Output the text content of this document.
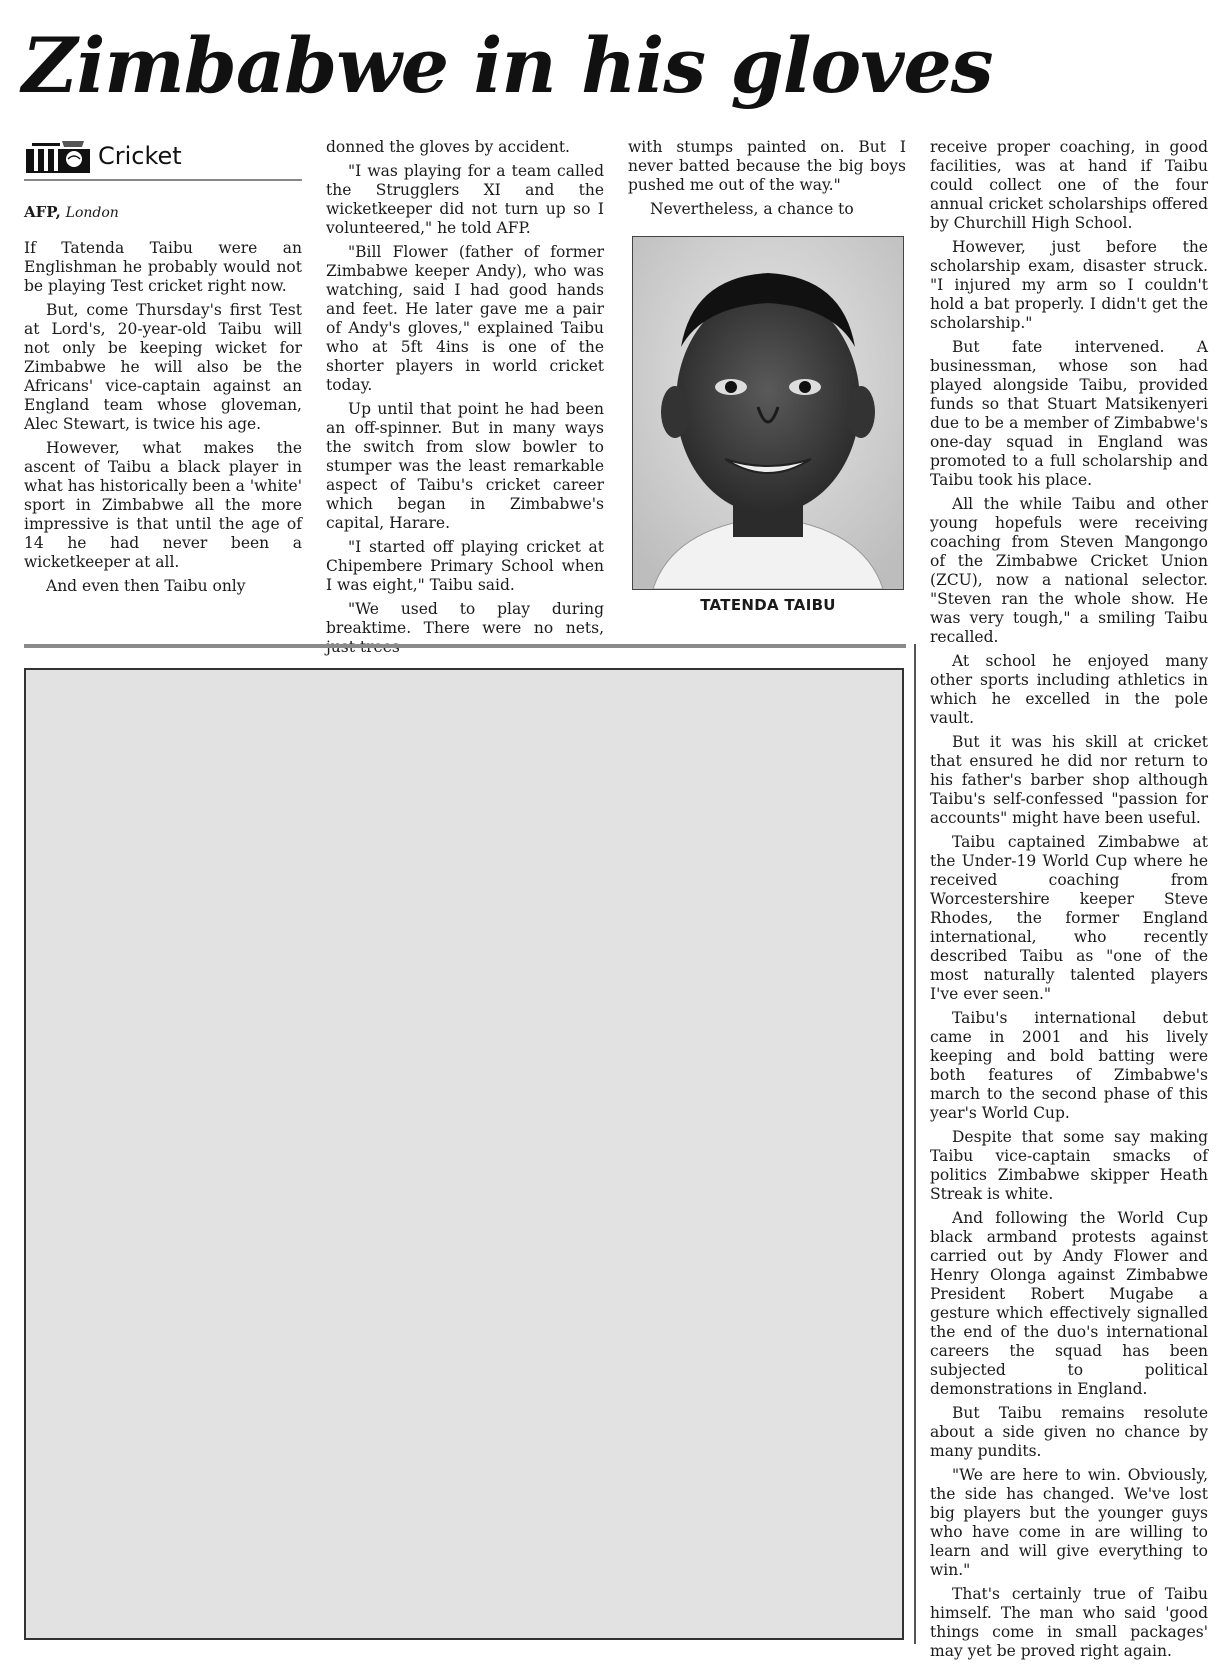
Zimbabwe in his gloves
Cricket
AFP, London

If Tatenda Taibu were an Englishman he probably would not be playing Test cricket right now.

But, come Thursday's first Test at Lord's, 20-year-old Taibu will not only be keeping wicket for Zimbabwe he will also be the Africans' vice-captain against an England team whose gloveman, Alec Stewart, is twice his age.

However, what makes the ascent of Taibu a black player in what has historically been a 'white' sport in Zimbabwe all the more impressive is that until the age of 14 he had never been a wicketkeeper at all.

And even then Taibu only

donned the gloves by accident.

"I was playing for a team called the Strugglers XI and the wicketkeeper did not turn up so I volunteered," he told AFP.

"Bill Flower (father of former Zimbabwe keeper Andy), who was watching, said I had good hands and feet. He later gave me a pair of Andy's gloves," explained Taibu who at 5ft 4ins is one of the shorter players in world cricket today.

Up until that point he had been an off-spinner. But in many ways the switch from slow bowler to stumper was the least remarkable aspect of Taibu's cricket career which began in Zimbabwe's capital, Harare.

"I started off playing cricket at Chipembere Primary School when I was eight," Taibu said.

"We used to play during breaktime. There were no nets,

with stumps painted on. But I never batted because the big boys pushed me out of the way."

Nevertheless, a chance to

TATENDA TAIBU

receive proper coaching, in good facilities, was at hand if Taibu could collect one of the four annual cricket scholarships offered by Churchill High School.

However, just before the scholarship exam, disaster struck. "I injured my arm so I couldn't hold a bat properly. I didn't get the scholarship."

But fate intervened. A businessman, whose son had played alongside Taibu, provided funds so that Stuart Matsikenyeri due to be a member of Zimbabwe's one-day squad in England was promoted to a full scholarship and Taibu took his place.

All the while Taibu and other young hopefuls were receiving coaching from Steven Mangongo of the Zimbabwe Cricket Union (ZCU), now a national selector. "Steven ran the whole show. He was very tough," a smiling Taibu recalled.

At school he enjoyed many other sports including athletics in which he excelled in the pole vault.

But it was his skill at cricket that ensured he did nor return to his father's barber shop although Taibu's self-confessed "passion for accounts" might have been useful.

Taibu captained Zimbabwe at the Under-19 World Cup where he received coaching from Worcestershire keeper Steve Rhodes, the former England international, who recently described Taibu as "one of the most naturally talented players I've ever seen."

Taibu's international debut came in 2001 and his lively keeping and bold batting were both features of Zimbabwe's march to the second phase of this year's World Cup.

Despite that some say making Taibu vice-captain smacks of politics Zimbabwe skipper Heath Streak is white.

And following the World Cup black armband protests against carried out by Andy Flower and Henry Olonga against Zimbabwe President Robert Mugabe a gesture which effectively signalled the end of the duo's international careers the squad has been subjected to political demonstrations in England.

But Taibu remains resolute about a side given no chance by many pundits.

"We are here to win. Obviously, the side has changed. We've lost big players but the younger guys who have come in are willing to learn and will give everything to win."

That's certainly true of Taibu himself. The man who said 'good things come in small packages' may yet be proved right again.
